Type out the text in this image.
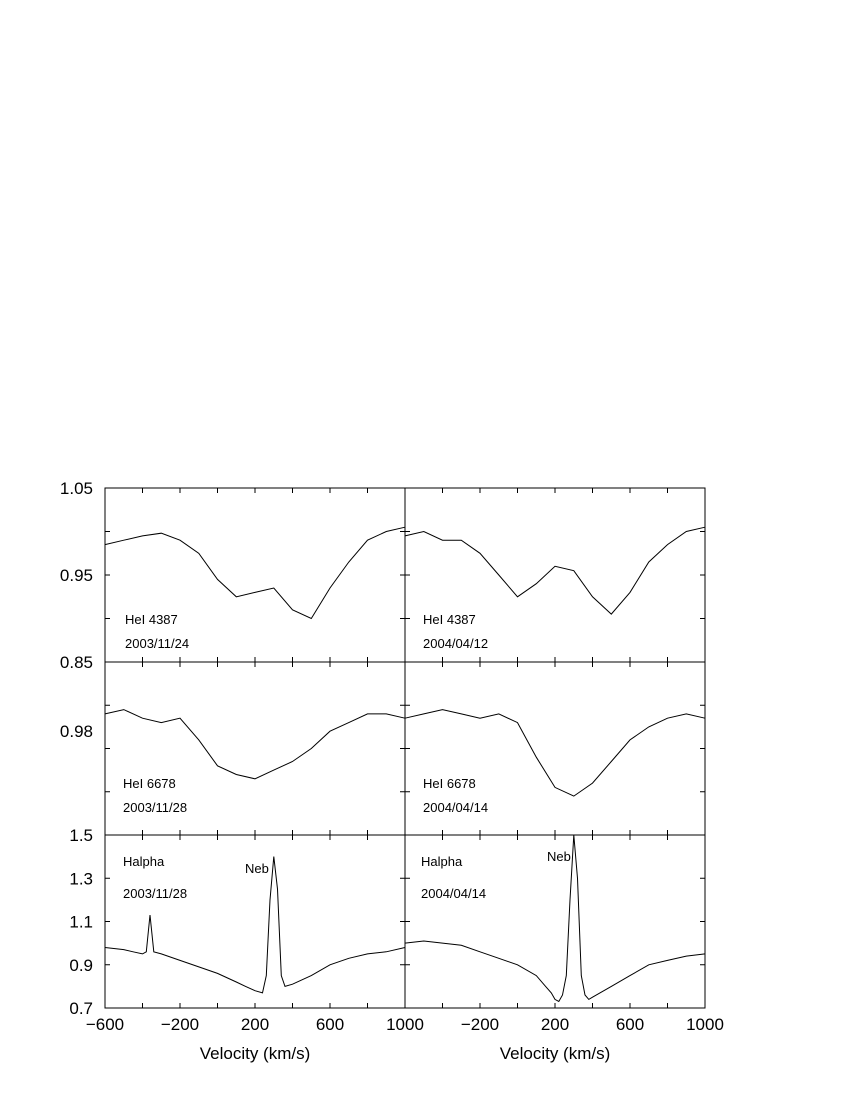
1.05
0.95
0.85
HeI 4387
2003/11/24
HeI 4387
2004/04/12
0.98
HeI 6678
2003/11/28
HeI 6678
2004/04/14
1.5
1.3
1.1
0.9
0.7
−600 −200 200	600 1000
Velocity (km/s)
Halpha
2003/11/28
Neb
−200 200	600 1000
Velocity (km/s)
Halpha
2004/04/14
Neb
